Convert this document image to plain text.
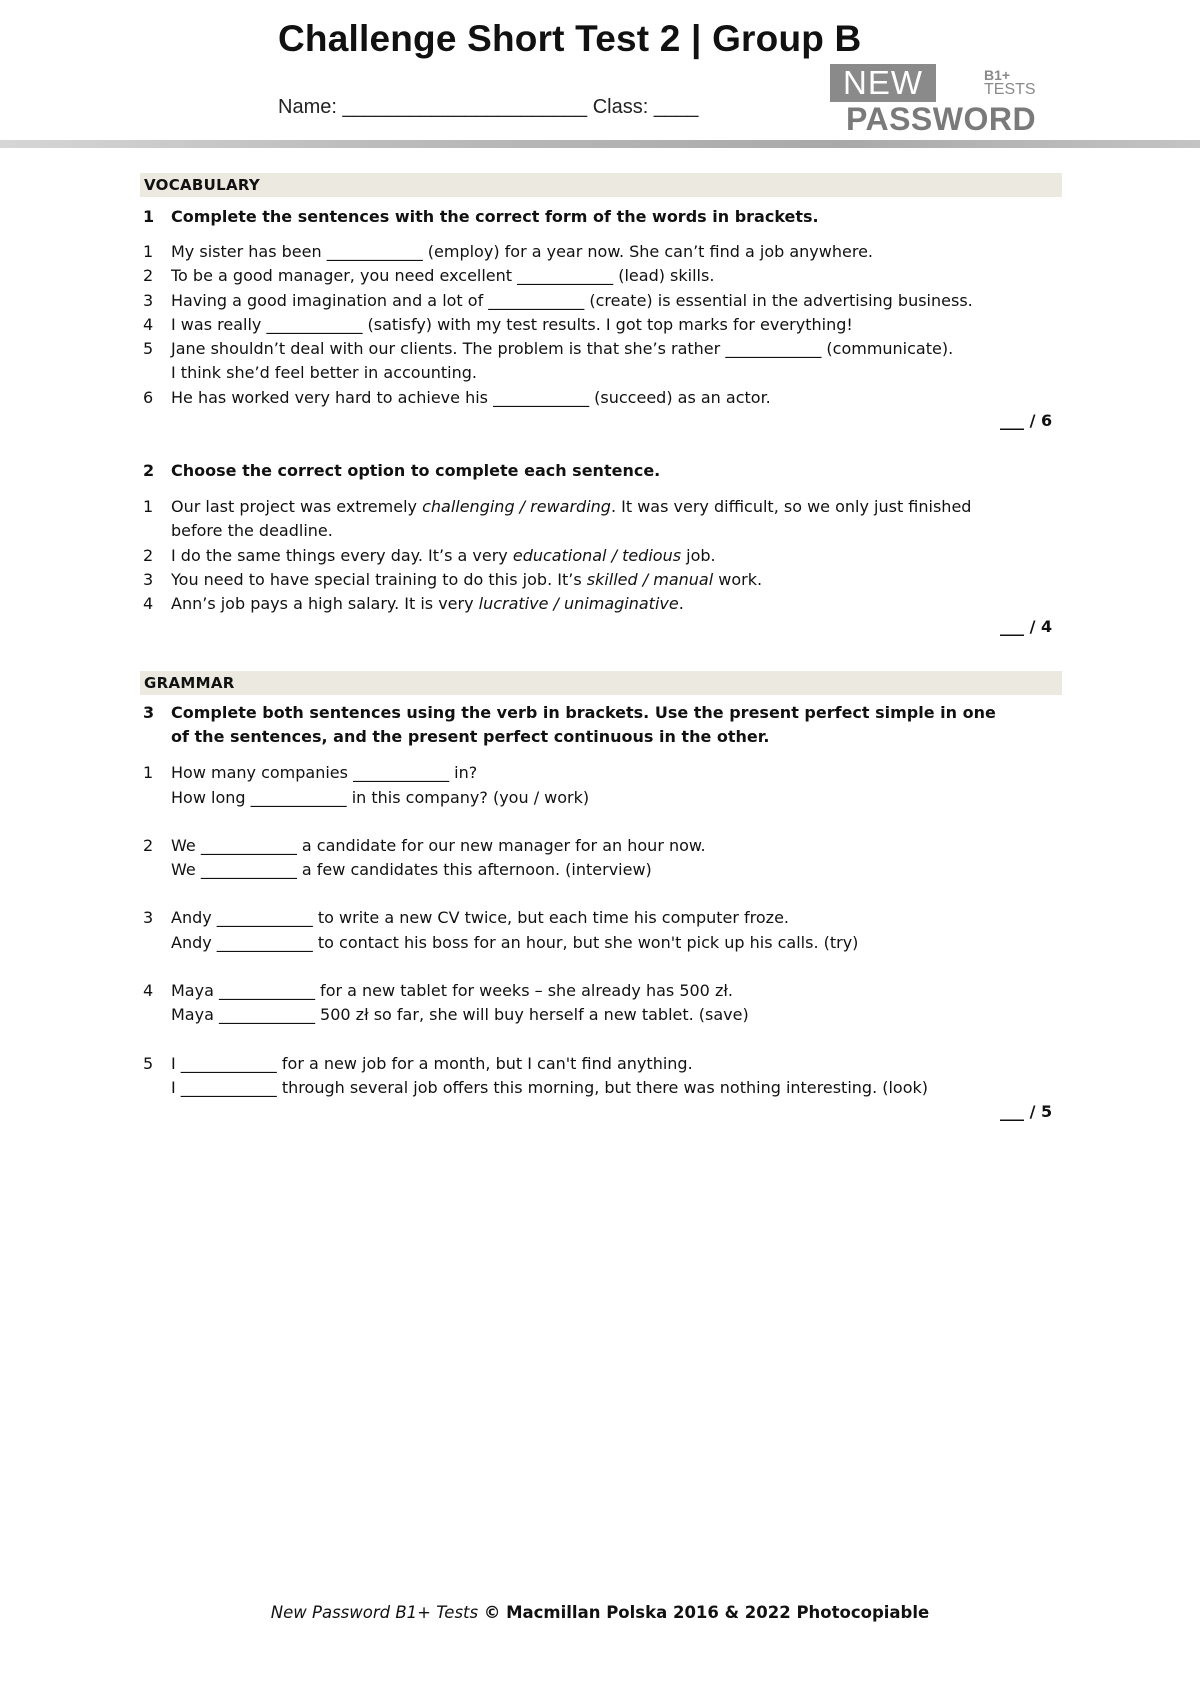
Challenge Short Test 2 | Group B
Name: ______________________ Class: ____
NEW	B1+
TESTS
PASSWORD
VOCABULARY
1	Complete the sentences with the correct form of the words in brackets.
1	My sister has been ____________ (employ) for a year now. She can’t find a job anywhere.
2	To be a good manager, you need excellent ____________ (lead) skills.
3	Having a good imagination and a lot of ____________ (create) is essential in the advertising business.
4	I was really ____________ (satisfy) with my test results. I got top marks for everything!
5	Jane shouldn’t deal with our clients. The problem is that she’s rather ____________ (communicate).
I think she’d feel better in accounting.
6	He has worked very hard to achieve his ____________ (succeed) as an actor.
___ / 6
2	Choose the correct option to complete each sentence.
1	Our last project was extremely challenging / rewarding. It was very difficult, so we only just finished
before the deadline.
2	I do the same things every day. It’s a very educational / tedious job.
3	You need to have special training to do this job. It’s skilled / manual work.
4	Ann’s job pays a high salary. It is very lucrative / unimaginative.
___ / 4
GRAMMAR
3	Complete both sentences using the verb in brackets. Use the present perfect simple in one
of the sentences, and the present perfect continuous in the other.
1	How many companies ____________ in?
How long ____________ in this company? (you / work)
2	We ____________ a candidate for our new manager for an hour now.
We ____________ a few candidates this afternoon. (interview)
3	Andy ____________ to write a new CV twice, but each time his computer froze.
Andy ____________ to contact his boss for an hour, but she won't pick up his calls. (try)
4	Maya ____________ for a new tablet for weeks – she already has 500 zł.
Maya ____________ 500 zł so far, she will buy herself a new tablet. (save)
5	I ____________ for a new job for a month, but I can't find anything.
I ____________ through several job offers this morning, but there was nothing interesting. (look)
___ / 5
New Password B1+ Tests © Macmillan Polska 2016 & 2022 Photocopiable
